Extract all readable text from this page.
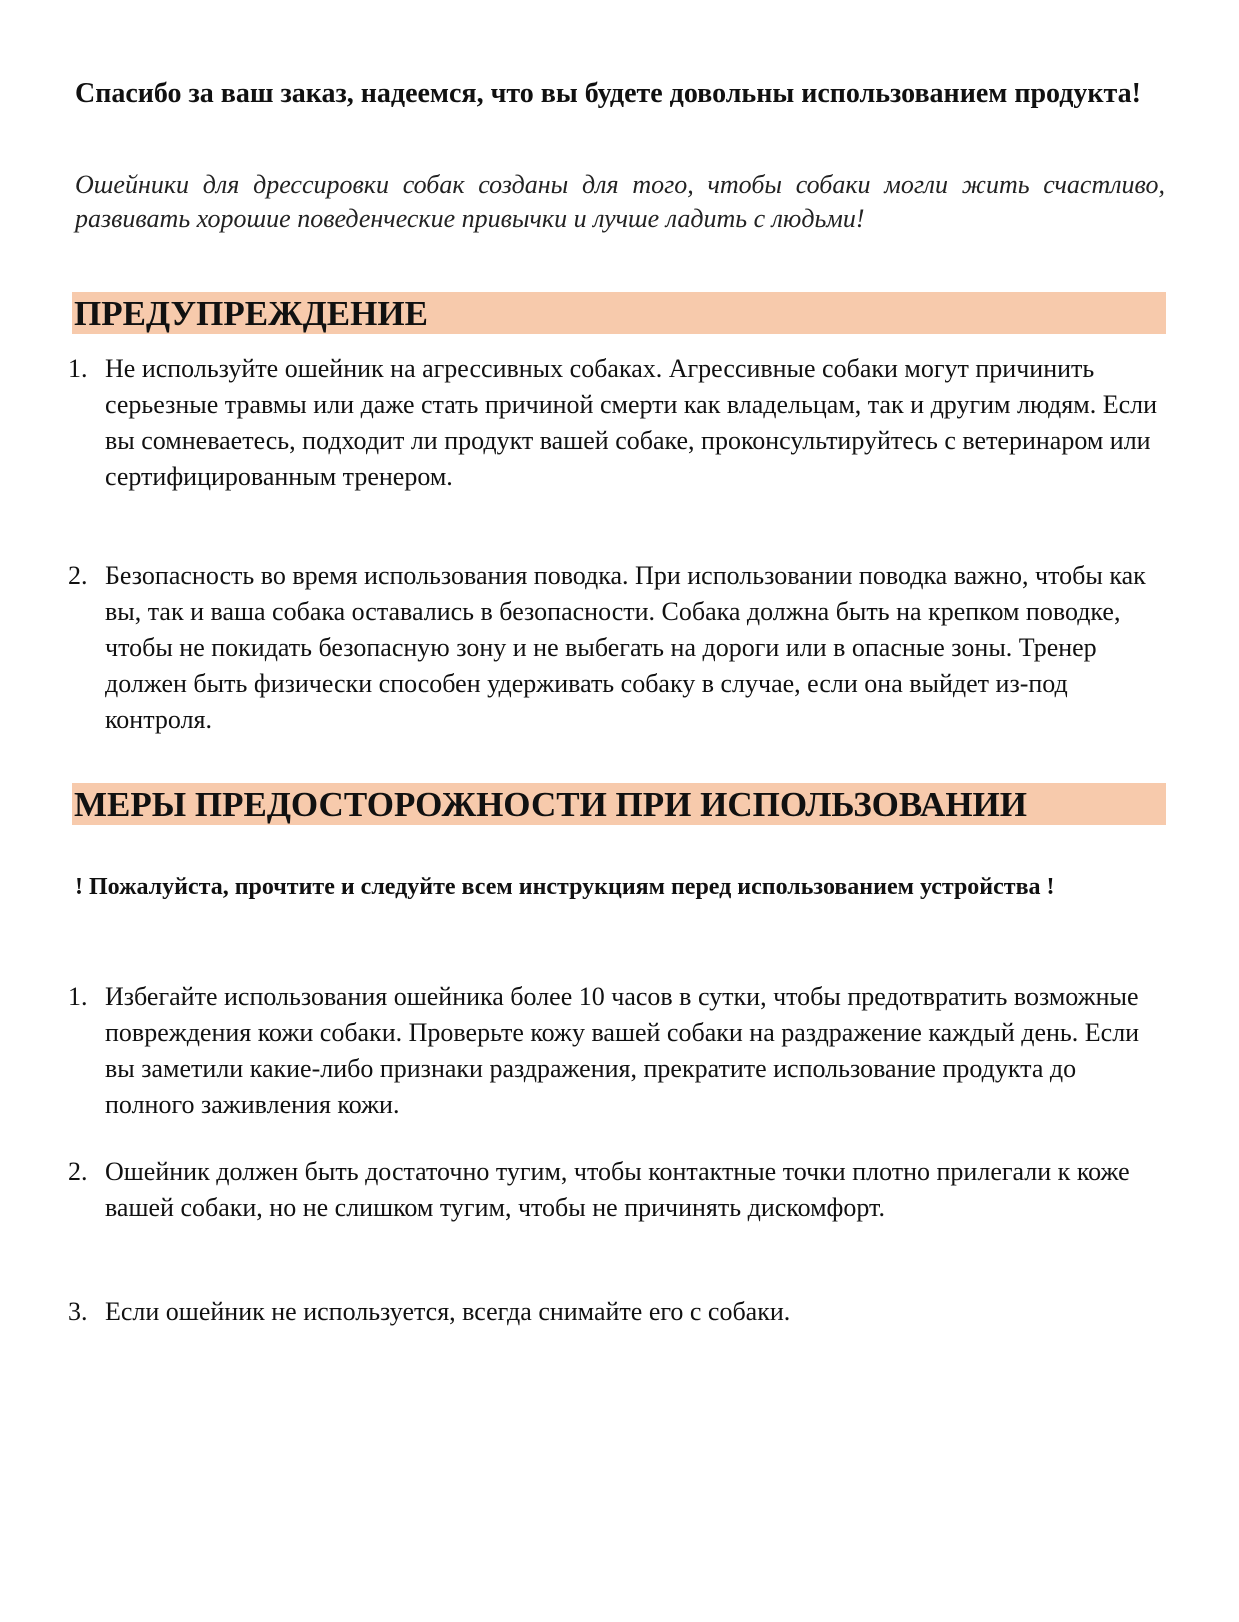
Спасибо за ваш заказ, надеемся, что вы будете довольны использованием продукта!

Ошейники для дрессировки собак созданы для того, чтобы собаки могли жить счастливо, развивать хорошие поведенческие привычки и лучше ладить с людьми!

ПРЕДУПРЕЖДЕНИЕ
1. Не используйте ошейник на агрессивных собаках. Агрессивные собаки могут причинить серьезные травмы или даже стать причиной смерти как владельцам, так и другим людям. Если вы сомневаетесь, подходит ли продукт вашей собаке, проконсультируйтесь с ветеринаром или сертифицированным тренером.
2. Безопасность во время использования поводка. При использовании поводка важно, чтобы как вы, так и ваша собака оставались в безопасности. Собака должна быть на крепком поводке, чтобы не покидать безопасную зону и не выбегать на дороги или в опасные зоны. Тренер должен быть физически способен удерживать собаку в случае, если она выйдет из-под контроля.
МЕРЫ ПРЕДОСТОРОЖНОСТИ ПРИ ИСПОЛЬЗОВАНИИ

! Пожалуйста, прочтите и следуйте всем инструкциям перед использованием устройства !

1. Избегайте использования ошейника более 10 часов в сутки, чтобы предотвратить возможные повреждения кожи собаки. Проверьте кожу вашей собаки на раздражение каждый день. Если вы заметили какие-либо признаки раздражения, прекратите использование продукта до полного заживления кожи.
2. Ошейник должен быть достаточно тугим, чтобы контактные точки плотно прилегали к коже вашей собаки, но не слишком тугим, чтобы не причинять дискомфорт.
3. Если ошейник не используется, всегда снимайте его с собаки.
